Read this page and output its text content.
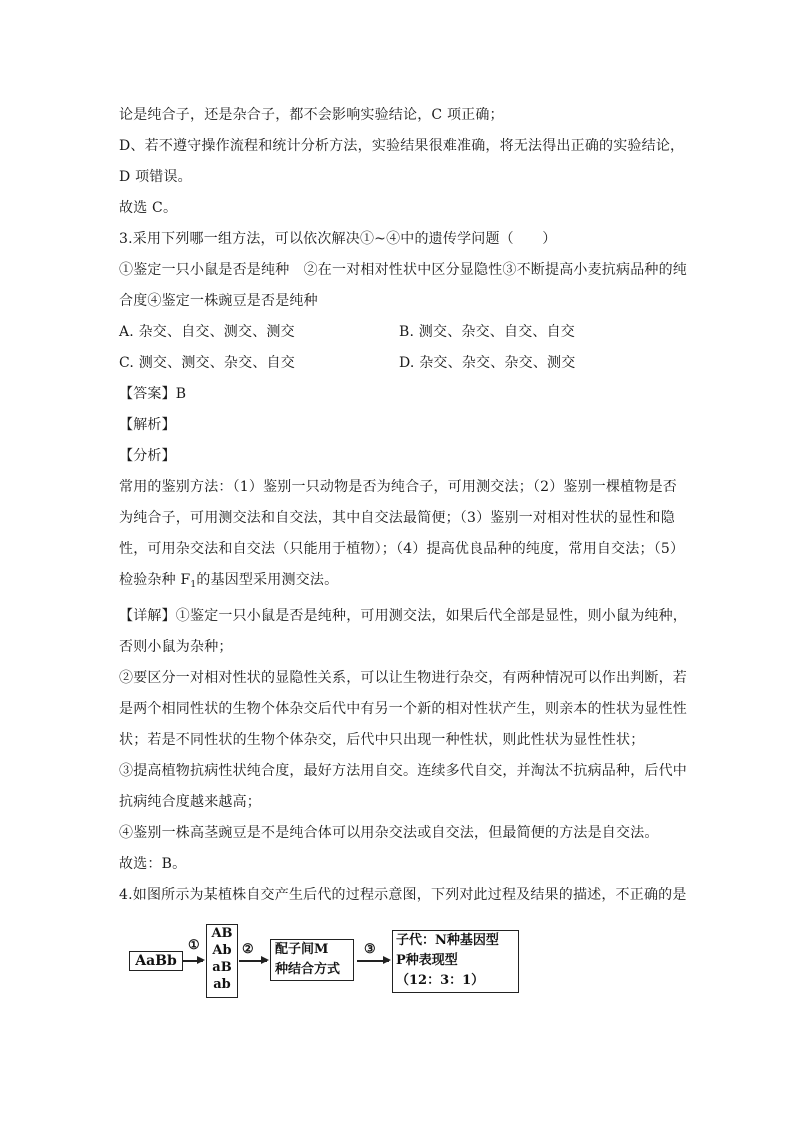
论是纯合子，还是杂合子，都不会影响实验结论，C 项正确；
D、若不遵守操作流程和统计分析方法，实验结果很难准确，将无法得出正确的实验结论，
D 项错误。
故选 C。
3.采用下列哪一组方法，可以依次解决①~④中的遗传学问题（　　）
①鉴定一只小鼠是否是纯种　②在一对相对性状中区分显隐性③不断提高小麦抗病品种的纯
合度④鉴定一株豌豆是否是纯种
A. 杂交、自交、测交、测交	B. 测交、杂交、自交、自交
C. 测交、测交、杂交、自交	D. 杂交、杂交、杂交、测交
【答案】B
【解析】
【分析】
常用的鉴别方法：（1）鉴别一只动物是否为纯合子，可用测交法；（2）鉴别一棵植物是否
为纯合子，可用测交法和自交法，其中自交法最简便；（3）鉴别一对相对性状的显性和隐
性，可用杂交法和自交法（只能用于植物）；（4）提高优良品种的纯度，常用自交法；（5）
检验杂种 $F_1$的基因型采用测交法。
【详解】①鉴定一只小鼠是否是纯种，可用测交法，如果后代全部是显性，则小鼠为纯种，
否则小鼠为杂种；
②要区分一对相对性状的显隐性关系，可以让生物进行杂交，有两种情况可以作出判断，若
是两个相同性状的生物个体杂交后代中有另一个新的相对性状产生，则亲本的性状为显性性
状；若是不同性状的生物个体杂交，后代中只出现一种性状，则此性状为显性性状；
③提高植物抗病性状纯合度，最好方法用自交。连续多代自交，并淘汰不抗病品种，后代中
抗病纯合度越来越高；
④鉴别一株高茎豌豆是不是纯合体可以用杂交法或自交法，但最简便的方法是自交法。
故选：B。
4.如图所示为某植株自交产生后代的过程示意图，下列对此过程及结果的描述，不正确的是
AaBb
①
AB
Ab
aB
ab
② 配子间M
种结合方式
③
子代：N种基因型
P种表现型
（12：3：1）
